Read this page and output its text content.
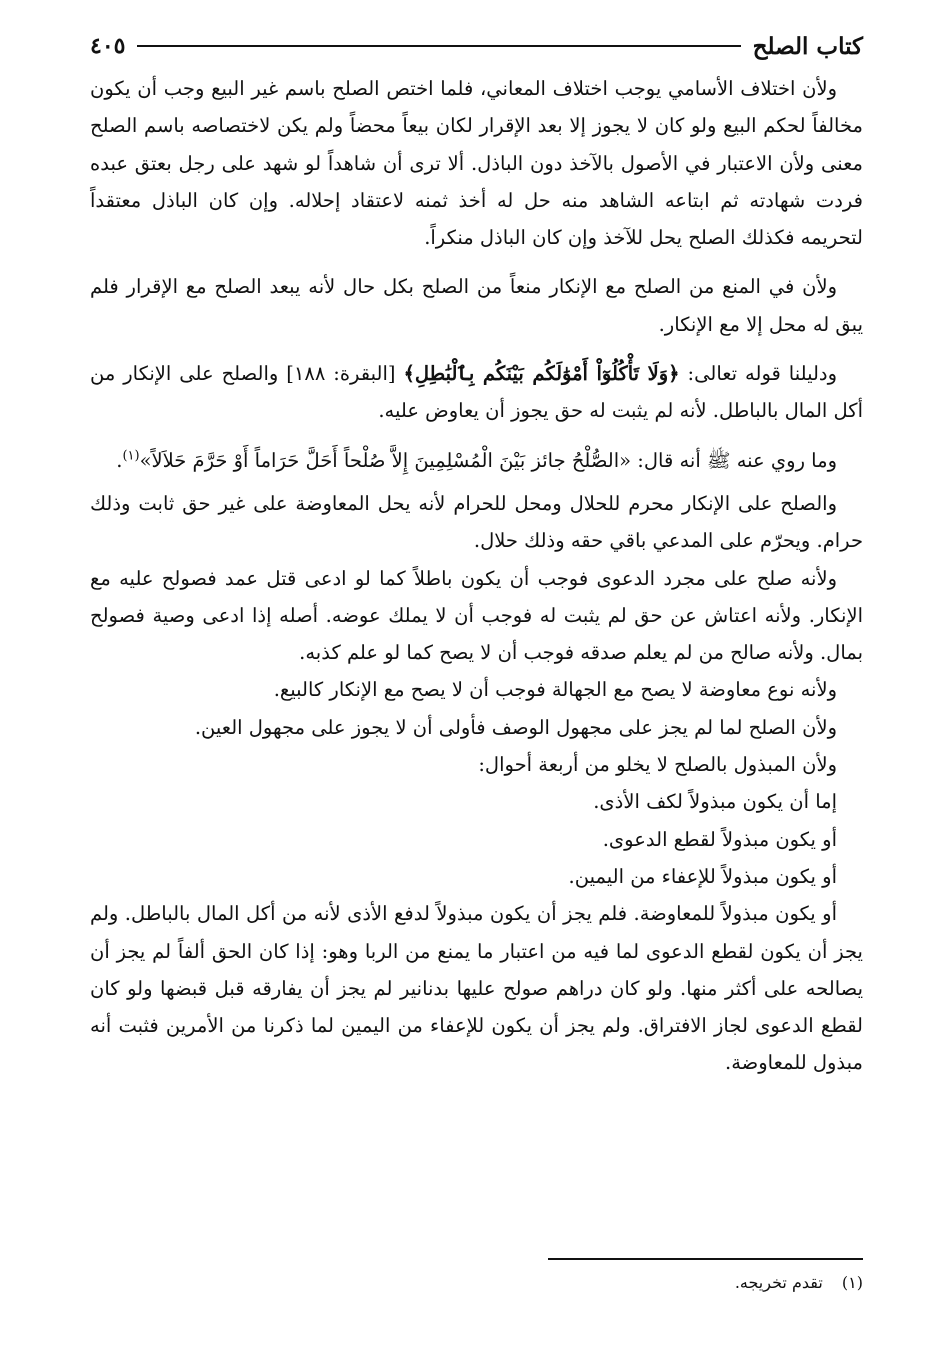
كتاب الصلح
٤٠٥

ولأن اختلاف الأسامي يوجب اختلاف المعاني، فلما اختص الصلح باسم غير البيع وجب أن يكون مخالفاً لحكم البيع ولو كان لا يجوز إلا بعد الإقرار لكان بيعاً محضاً ولم يكن لاختصاصه باسم الصلح معنى ولأن الاعتبار في الأصول بالآخذ دون الباذل. ألا ترى أن شاهداً لو شهد على رجل بعتق عبده فردت شهادته ثم ابتاعه الشاهد منه حل له أخذ ثمنه لاعتقاد إحلاله. وإن كان الباذل معتقداً لتحريمه فكذلك الصلح يحل للآخذ وإن كان الباذل منكراً.

ولأن في المنع من الصلح مع الإنكار منعاً من الصلح بكل حال لأنه يبعد الصلح مع الإقرار فلم يبق له محل إلا مع الإنكار.

ودليلنا قوله تعالى: ﴿وَلَا تَأْكُلُوٓاْ أَمْوَٰلَكُم بَيْنَكُم بِٱلْبَٰطِلِ﴾ [البقرة: ١٨٨] والصلح على الإنكار من أكل المال بالباطل. لأنه لم يثبت له حق يجوز أن يعاوض عليه.

وما روي عنه ﷺ أنه قال: «الصُّلْحُ جائز بَيْنَ الْمُسْلِمِينَ إِلاَّ صُلْحاً أَحَلَّ حَرَاماً أَوْ حَرَّمَ حَلاَلاً»$^{(١)}$.

والصلح على الإنكار محرم للحلال ومحل للحرام لأنه يحل المعاوضة على غير حق ثابت وذلك حرام. ويحرّم على المدعي باقي حقه وذلك حلال.

ولأنه صلح على مجرد الدعوى فوجب أن يكون باطلاً كما لو ادعى قتل عمد فصولح عليه مع الإنكار. ولأنه اعتاش عن حق لم يثبت له فوجب أن لا يملك عوضه. أصله إذا ادعى وصية فصولح بمال. ولأنه صالح من لم يعلم صدقه فوجب أن لا يصح كما لو علم كذبه.

ولأنه نوع معاوضة لا يصح مع الجهالة فوجب أن لا يصح مع الإنكار كالبيع.

ولأن الصلح لما لم يجز على مجهول الوصف فأولى أن لا يجوز على مجهول العين.

ولأن المبذول بالصلح لا يخلو من أربعة أحوال:

إما أن يكون مبذولاً لكف الأذى.

أو يكون مبذولاً لقطع الدعوى.

أو يكون مبذولاً للإعفاء من اليمين.

أو يكون مبذولاً للمعاوضة. فلم يجز أن يكون مبذولاً لدفع الأذى لأنه من أكل المال بالباطل. ولم يجز أن يكون لقطع الدعوى لما فيه من اعتبار ما يمنع من الربا وهو: إذا كان الحق ألفاً لم يجز أن يصالحه على أكثر منها. ولو كان دراهم صولح عليها بدنانير لم يجز أن يفارقه قبل قبضها ولو كان لقطع الدعوى لجاز الافتراق. ولم يجز أن يكون للإعفاء من اليمين لما ذكرنا من الأمرين فثبت أنه مبذول للمعاوضة.

(١) تقدم تخريجه.
